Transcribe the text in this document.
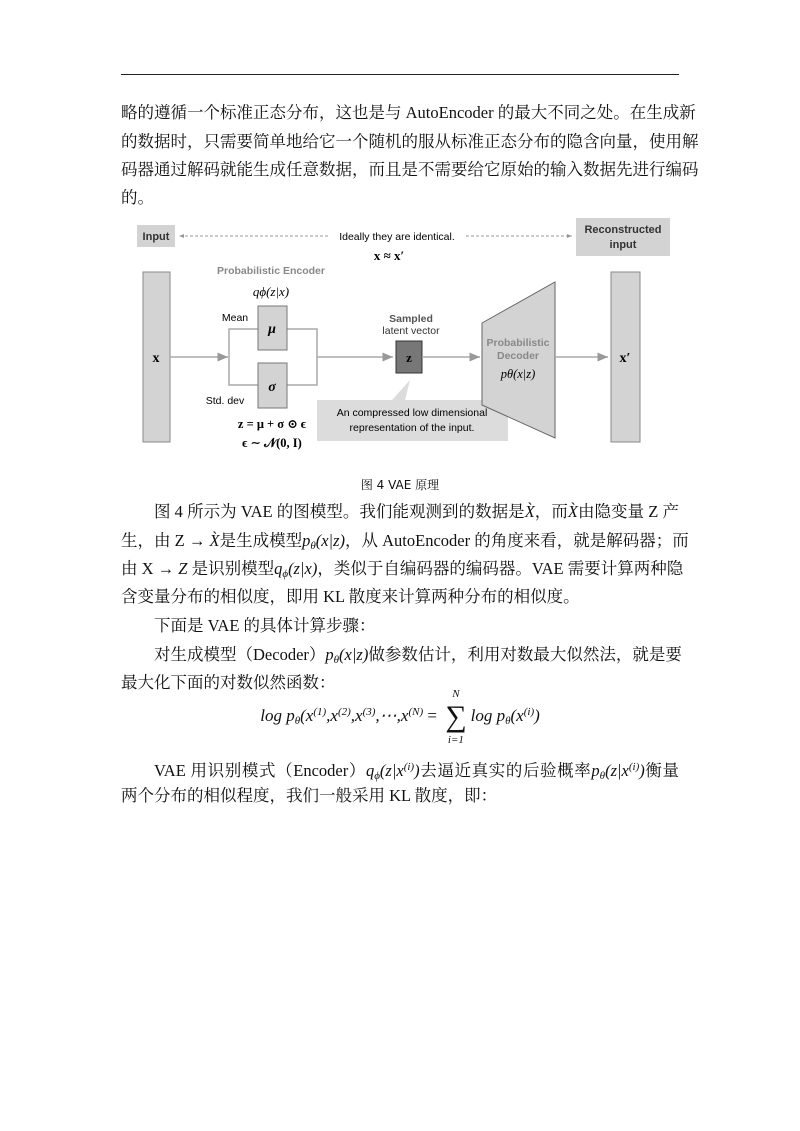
略的遵循一个标准正态分布，这也是与 AutoEncoder 的最大不同之处。在生成新
的数据时，只需要简单地给它一个随机的服从标准正态分布的隐含向量，使用解
码器通过解码就能生成任意数据，而且是不需要给它原始的输入数据先进行编码
的。
Input
Reconstructed
input
Ideally they are identical.
x ≈ x′
x
Probabilistic Encoder
qϕ(z|x)
Mean
μ
σ
Std. dev
z = μ + σ ⊙ ϵ
ϵ ∼ 𝒩(0, I)
Sampled
latent vector
z
An compressed low dimensional
representation of the input.
Probabilistic
Decoder
pθ(x|z)
x′
图 4 VAE 原理
图 4 所示为 VAE 的图模型。我们能观测到的数据是X̀，而X̀由隐变量 Z 产
生，由 Z → X̀是生成模型$p_\theta(x|z)$，从 AutoEncoder 的角度来看，就是解码器；而
由 X → Z 是识别模型$q_\phi(z|x)$，类似于自编码器的编码器。VAE 需要计算两种隐
含变量分布的相似度，即用 KL 散度来计算两种分布的相似度。
下面是 VAE 的具体计算步骤：
对生成模型$(Decoder)p_\theta(x|z)$做参数估计，利用对数最大似然法，就是要
最大化下面的对数似然函数：
$\log p_\theta(x^{(1)},x^{(2)},x^{(3)},\cdots,x^{(N)}$ = ∑
N
i=1
$\log p_\theta(x^{(i)})$
VAE 用识别模式$(Encoder)q_\phi(z|x^{(i)})$去逼近真实的后验概率$p_\theta(z|x^{(i)})$衡量
两个分布的相似程度，我们一般采用 KL 散度，即：
